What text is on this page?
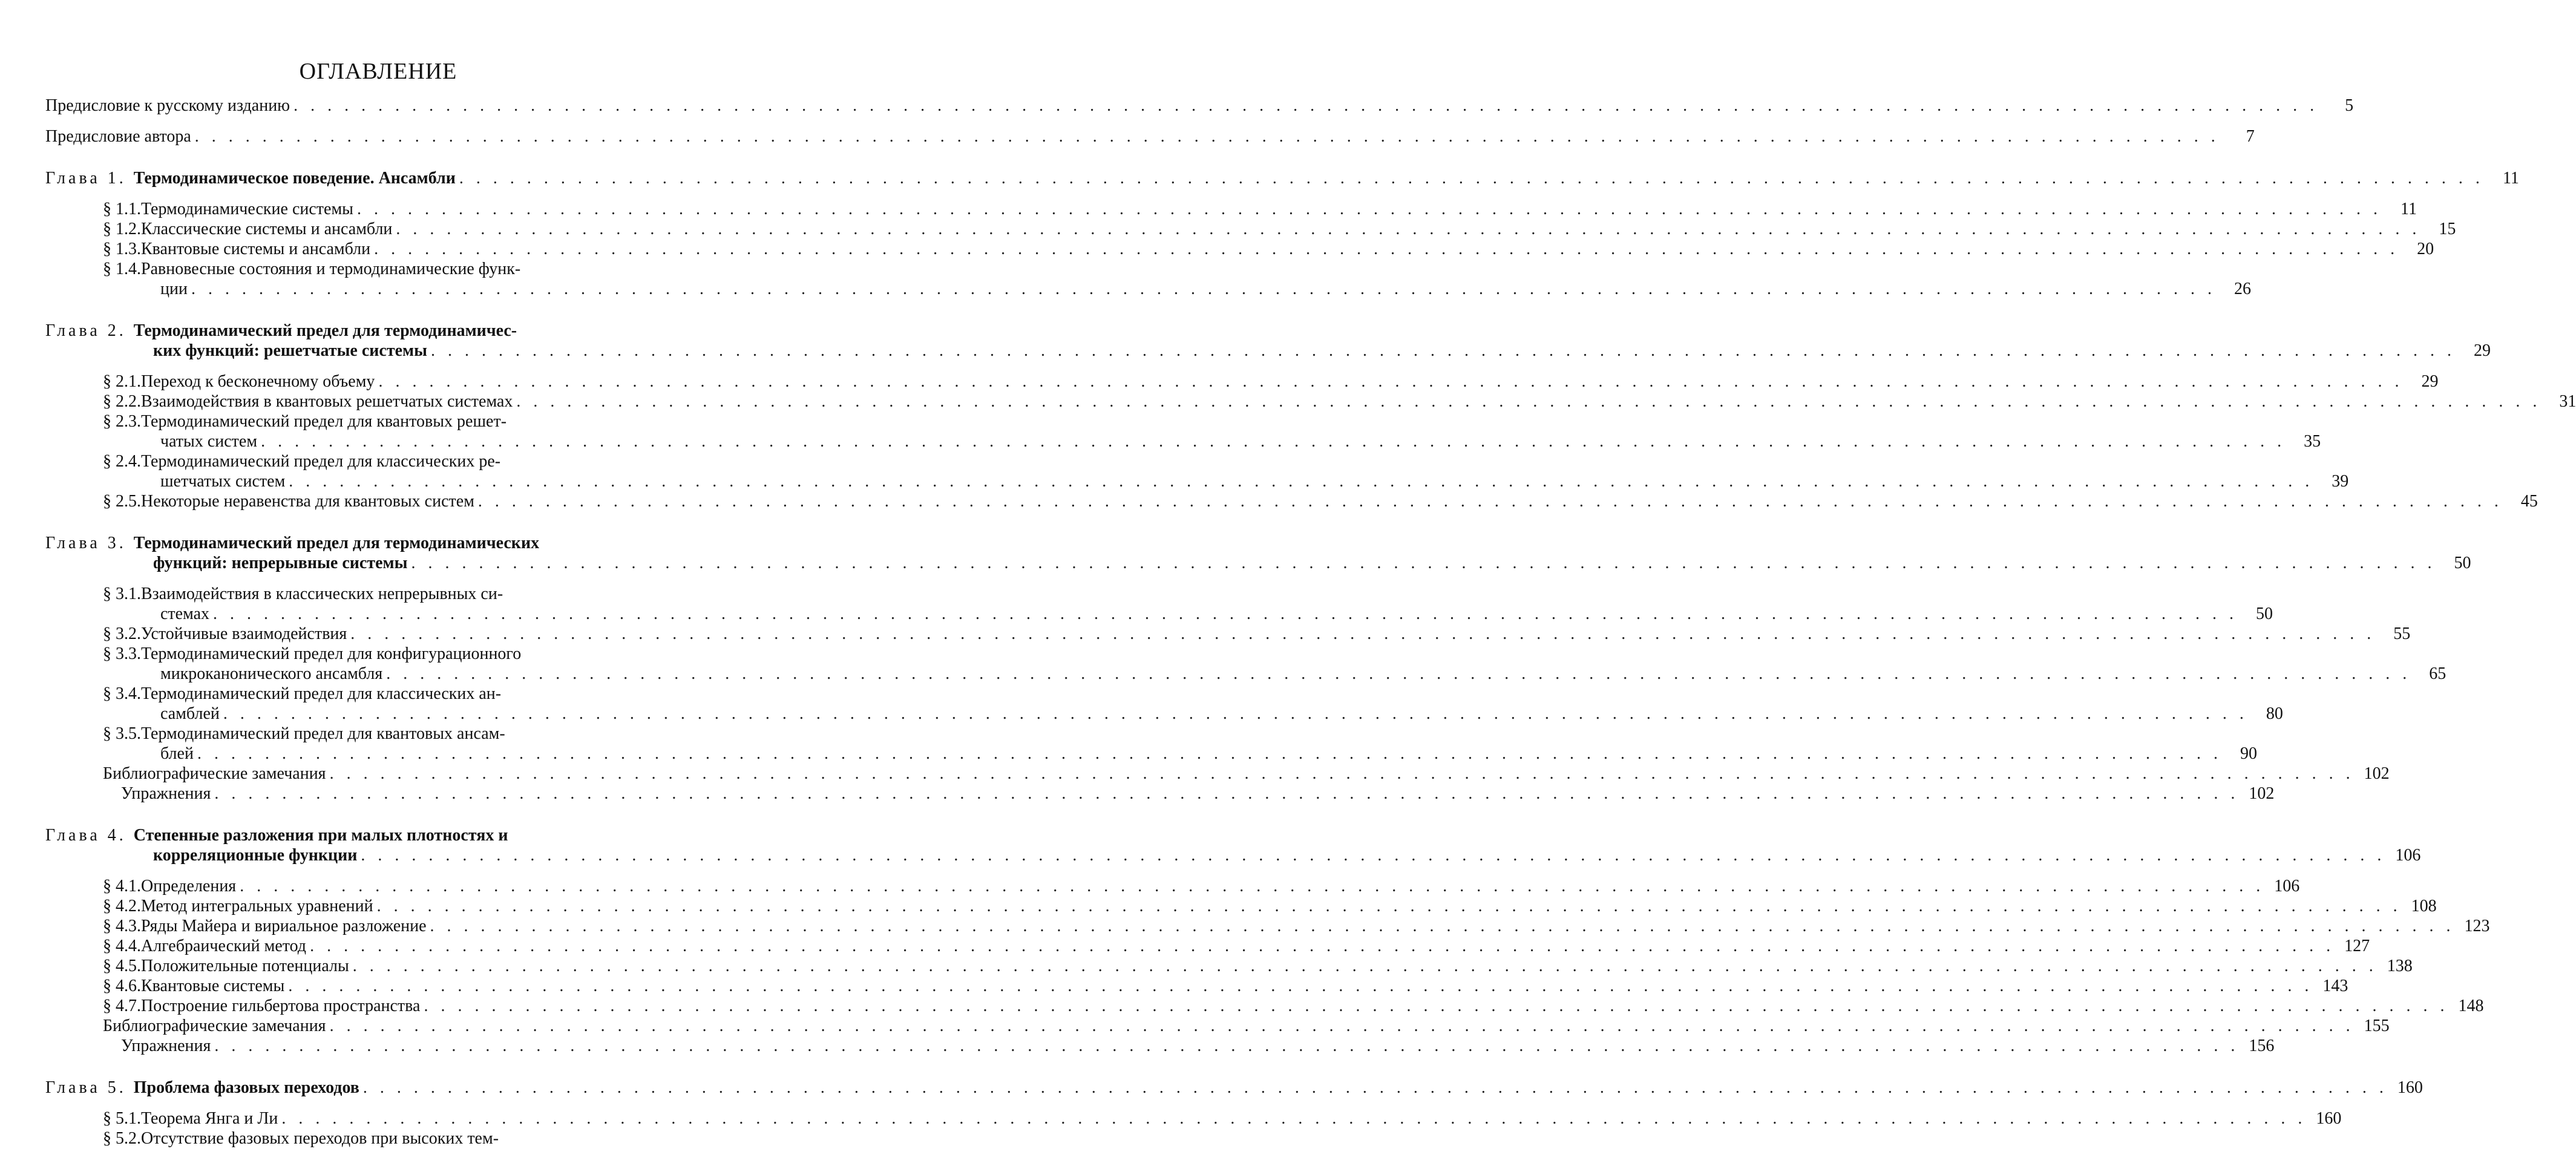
ОГЛАВЛЕНИЕ
Предисловие к русскому изданию . . . . . . . . . . . . . . . . . . . . . . . . . . . . . . . . . . . . . . . . . . . . . . . . . . . . . . . . . . . . . . . . . . . . . . . . . . . . . . . . . . . . . . . . . . . . . . . . . . . . . . . . . . . . . . . . . . . . . . . .	5
Предисловие автора . . . . . . . . . . . . . . . . . . . . . . . . . . . . . . . . . . . . . . . . . . . . . . . . . . . . . . . . . . . . . . . . . . . . . . . . . . . . . . . . . . . . . . . . . . . . . . . . . . . . . . . . . . . . . . . . . . . . . . . .	7
Глава 1. Термодинамическое поведение. Ансамбли . . . . . . . . . . . . . . . . . . . . . . . . . . . . . . . . . . . . . . . . . . . . . . . . . . . . . . . . . . . . . . . . . . . . . . . . . . . . . . . . . . . . . . . . . . . . . . . . . . . . . . . . . . . . . . . . . . . . . . . .	11
§ 1.1. Термодинамические системы . . . . . . . . . . . . . . . . . . . . . . . . . . . . . . . . . . . . . . . . . . . . . . . . . . . . . . . . . . . . . . . . . . . . . . . . . . . . . . . . . . . . . . . . . . . . . . . . . . . . . . . . . . . . . . . . . . . . . . . .	11
§ 1.2. Классические системы и ансамбли . . . . . . . . . . . . . . . . . . . . . . . . . . . . . . . . . . . . . . . . . . . . . . . . . . . . . . . . . . . . . . . . . . . . . . . . . . . . . . . . . . . . . . . . . . . . . . . . . . . . . . . . . . . . . . . . . . . . . . . .	15
§ 1.3. Квантовые системы и ансамбли . . . . . . . . . . . . . . . . . . . . . . . . . . . . . . . . . . . . . . . . . . . . . . . . . . . . . . . . . . . . . . . . . . . . . . . . . . . . . . . . . . . . . . . . . . . . . . . . . . . . . . . . . . . . . . . . . . . . . . . .	20
§ 1.4. Равновесные состояния и термодинамические функ-
ции . . . . . . . . . . . . . . . . . . . . . . . . . . . . . . . . . . . . . . . . . . . . . . . . . . . . . . . . . . . . . . . . . . . . . . . . . . . . . . . . . . . . . . . . . . . . . . . . . . . . . . . . . . . . . . . . . . . . . . . .	26
Глава 2. Термодинамический предел для термодинамичес-
ких функций: решетчатые системы . . . . . . . . . . . . . . . . . . . . . . . . . . . . . . . . . . . . . . . . . . . . . . . . . . . . . . . . . . . . . . . . . . . . . . . . . . . . . . . . . . . . . . . . . . . . . . . . . . . . . . . . . . . . . . . . . . . . . . . .	29
§ 2.1. Переход к бесконечному объему . . . . . . . . . . . . . . . . . . . . . . . . . . . . . . . . . . . . . . . . . . . . . . . . . . . . . . . . . . . . . . . . . . . . . . . . . . . . . . . . . . . . . . . . . . . . . . . . . . . . . . . . . . . . . . . . . . . . . . . .	29
§ 2.2. Взаимодействия в квантовых решетчатых системах . . . . . . . . . . . . . . . . . . . . . . . . . . . . . . . . . . . . . . . . . . . . . . . . . . . . . . . . . . . . . . . . . . . . . . . . . . . . . . . . . . . . . . . . . . . . . . . . . . . . . . . . . . . . . . . . . . . . . . . .	31
§ 2.3. Термодинамический предел для квантовых решет-
чатых систем . . . . . . . . . . . . . . . . . . . . . . . . . . . . . . . . . . . . . . . . . . . . . . . . . . . . . . . . . . . . . . . . . . . . . . . . . . . . . . . . . . . . . . . . . . . . . . . . . . . . . . . . . . . . . . . . . . . . . . . .	35
§ 2.4. Термодинамический предел для классических ре-
шетчатых систем . . . . . . . . . . . . . . . . . . . . . . . . . . . . . . . . . . . . . . . . . . . . . . . . . . . . . . . . . . . . . . . . . . . . . . . . . . . . . . . . . . . . . . . . . . . . . . . . . . . . . . . . . . . . . . . . . . . . . . . .	39
§ 2.5. Некоторые неравенства для квантовых систем . . . . . . . . . . . . . . . . . . . . . . . . . . . . . . . . . . . . . . . . . . . . . . . . . . . . . . . . . . . . . . . . . . . . . . . . . . . . . . . . . . . . . . . . . . . . . . . . . . . . . . . . . . . . . . . . . . . . . . . .	45
Глава 3. Термодинамический предел для термодинамических
функций: непрерывные системы . . . . . . . . . . . . . . . . . . . . . . . . . . . . . . . . . . . . . . . . . . . . . . . . . . . . . . . . . . . . . . . . . . . . . . . . . . . . . . . . . . . . . . . . . . . . . . . . . . . . . . . . . . . . . . . . . . . . . . . .	50
§ 3.1. Взаимодействия в классических непрерывных си-
стемах . . . . . . . . . . . . . . . . . . . . . . . . . . . . . . . . . . . . . . . . . . . . . . . . . . . . . . . . . . . . . . . . . . . . . . . . . . . . . . . . . . . . . . . . . . . . . . . . . . . . . . . . . . . . . . . . . . . . . . . .	50
§ 3.2. Устойчивые взаимодействия . . . . . . . . . . . . . . . . . . . . . . . . . . . . . . . . . . . . . . . . . . . . . . . . . . . . . . . . . . . . . . . . . . . . . . . . . . . . . . . . . . . . . . . . . . . . . . . . . . . . . . . . . . . . . . . . . . . . . . . .	55
§ 3.3. Термодинамический предел для конфигурационного
микроканонического ансамбля . . . . . . . . . . . . . . . . . . . . . . . . . . . . . . . . . . . . . . . . . . . . . . . . . . . . . . . . . . . . . . . . . . . . . . . . . . . . . . . . . . . . . . . . . . . . . . . . . . . . . . . . . . . . . . . . . . . . . . . .	65
§ 3.4. Термодинамический предел для классических ан-
самблей . . . . . . . . . . . . . . . . . . . . . . . . . . . . . . . . . . . . . . . . . . . . . . . . . . . . . . . . . . . . . . . . . . . . . . . . . . . . . . . . . . . . . . . . . . . . . . . . . . . . . . . . . . . . . . . . . . . . . . . .	80
§ 3.5. Термодинамический предел для квантовых ансам-
блей . . . . . . . . . . . . . . . . . . . . . . . . . . . . . . . . . . . . . . . . . . . . . . . . . . . . . . . . . . . . . . . . . . . . . . . . . . . . . . . . . . . . . . . . . . . . . . . . . . . . . . . . . . . . . . . . . . . . . . . .	90
Библиографические замечания . . . . . . . . . . . . . . . . . . . . . . . . . . . . . . . . . . . . . . . . . . . . . . . . . . . . . . . . . . . . . . . . . . . . . . . . . . . . . . . . . . . . . . . . . . . . . . . . . . . . . . . . . . . . . . . . . . . . . . . . 102
Упражнения . . . . . . . . . . . . . . . . . . . . . . . . . . . . . . . . . . . . . . . . . . . . . . . . . . . . . . . . . . . . . . . . . . . . . . . . . . . . . . . . . . . . . . . . . . . . . . . . . . . . . . . . . . . . . . . . . . . . . . . . 102
Глава 4. Степенные разложения при малых плотностях и
корреляционные функции . . . . . . . . . . . . . . . . . . . . . . . . . . . . . . . . . . . . . . . . . . . . . . . . . . . . . . . . . . . . . . . . . . . . . . . . . . . . . . . . . . . . . . . . . . . . . . . . . . . . . . . . . . . . . . . . . . . . . . . . 106
§ 4.1. Определения . . . . . . . . . . . . . . . . . . . . . . . . . . . . . . . . . . . . . . . . . . . . . . . . . . . . . . . . . . . . . . . . . . . . . . . . . . . . . . . . . . . . . . . . . . . . . . . . . . . . . . . . . . . . . . . . . . . . . . . . 106
§ 4.2. Метод интегральных уравнений . . . . . . . . . . . . . . . . . . . . . . . . . . . . . . . . . . . . . . . . . . . . . . . . . . . . . . . . . . . . . . . . . . . . . . . . . . . . . . . . . . . . . . . . . . . . . . . . . . . . . . . . . . . . . . . . . . . . . . . . 108
§ 4.3. Ряды Майера и вириальное разложение . . . . . . . . . . . . . . . . . . . . . . . . . . . . . . . . . . . . . . . . . . . . . . . . . . . . . . . . . . . . . . . . . . . . . . . . . . . . . . . . . . . . . . . . . . . . . . . . . . . . . . . . . . . . . . . . . . . . . . . . 123
§ 4.4. Алгебраический метод . . . . . . . . . . . . . . . . . . . . . . . . . . . . . . . . . . . . . . . . . . . . . . . . . . . . . . . . . . . . . . . . . . . . . . . . . . . . . . . . . . . . . . . . . . . . . . . . . . . . . . . . . . . . . . . . . . . . . . . . 127
§ 4.5. Положительные потенциалы . . . . . . . . . . . . . . . . . . . . . . . . . . . . . . . . . . . . . . . . . . . . . . . . . . . . . . . . . . . . . . . . . . . . . . . . . . . . . . . . . . . . . . . . . . . . . . . . . . . . . . . . . . . . . . . . . . . . . . . . 138
§ 4.6. Квантовые системы . . . . . . . . . . . . . . . . . . . . . . . . . . . . . . . . . . . . . . . . . . . . . . . . . . . . . . . . . . . . . . . . . . . . . . . . . . . . . . . . . . . . . . . . . . . . . . . . . . . . . . . . . . . . . . . . . . . . . . . . 143
§ 4.7. Построение гильбертова пространства . . . . . . . . . . . . . . . . . . . . . . . . . . . . . . . . . . . . . . . . . . . . . . . . . . . . . . . . . . . . . . . . . . . . . . . . . . . . . . . . . . . . . . . . . . . . . . . . . . . . . . . . . . . . . . . . . . . . . . . . 148
Библиографические замечания . . . . . . . . . . . . . . . . . . . . . . . . . . . . . . . . . . . . . . . . . . . . . . . . . . . . . . . . . . . . . . . . . . . . . . . . . . . . . . . . . . . . . . . . . . . . . . . . . . . . . . . . . . . . . . . . . . . . . . . . 155
Упражнения . . . . . . . . . . . . . . . . . . . . . . . . . . . . . . . . . . . . . . . . . . . . . . . . . . . . . . . . . . . . . . . . . . . . . . . . . . . . . . . . . . . . . . . . . . . . . . . . . . . . . . . . . . . . . . . . . . . . . . . . 156
Глава 5. Проблема фазовых переходов . . . . . . . . . . . . . . . . . . . . . . . . . . . . . . . . . . . . . . . . . . . . . . . . . . . . . . . . . . . . . . . . . . . . . . . . . . . . . . . . . . . . . . . . . . . . . . . . . . . . . . . . . . . . . . . . . . . . . . . . 160
§ 5.1. Теорема Янга и Ли . . . . . . . . . . . . . . . . . . . . . . . . . . . . . . . . . . . . . . . . . . . . . . . . . . . . . . . . . . . . . . . . . . . . . . . . . . . . . . . . . . . . . . . . . . . . . . . . . . . . . . . . . . . . . . . . . . . . . . . . 160
§ 5.2. Отсутствие фазовых переходов при высоких тем-
